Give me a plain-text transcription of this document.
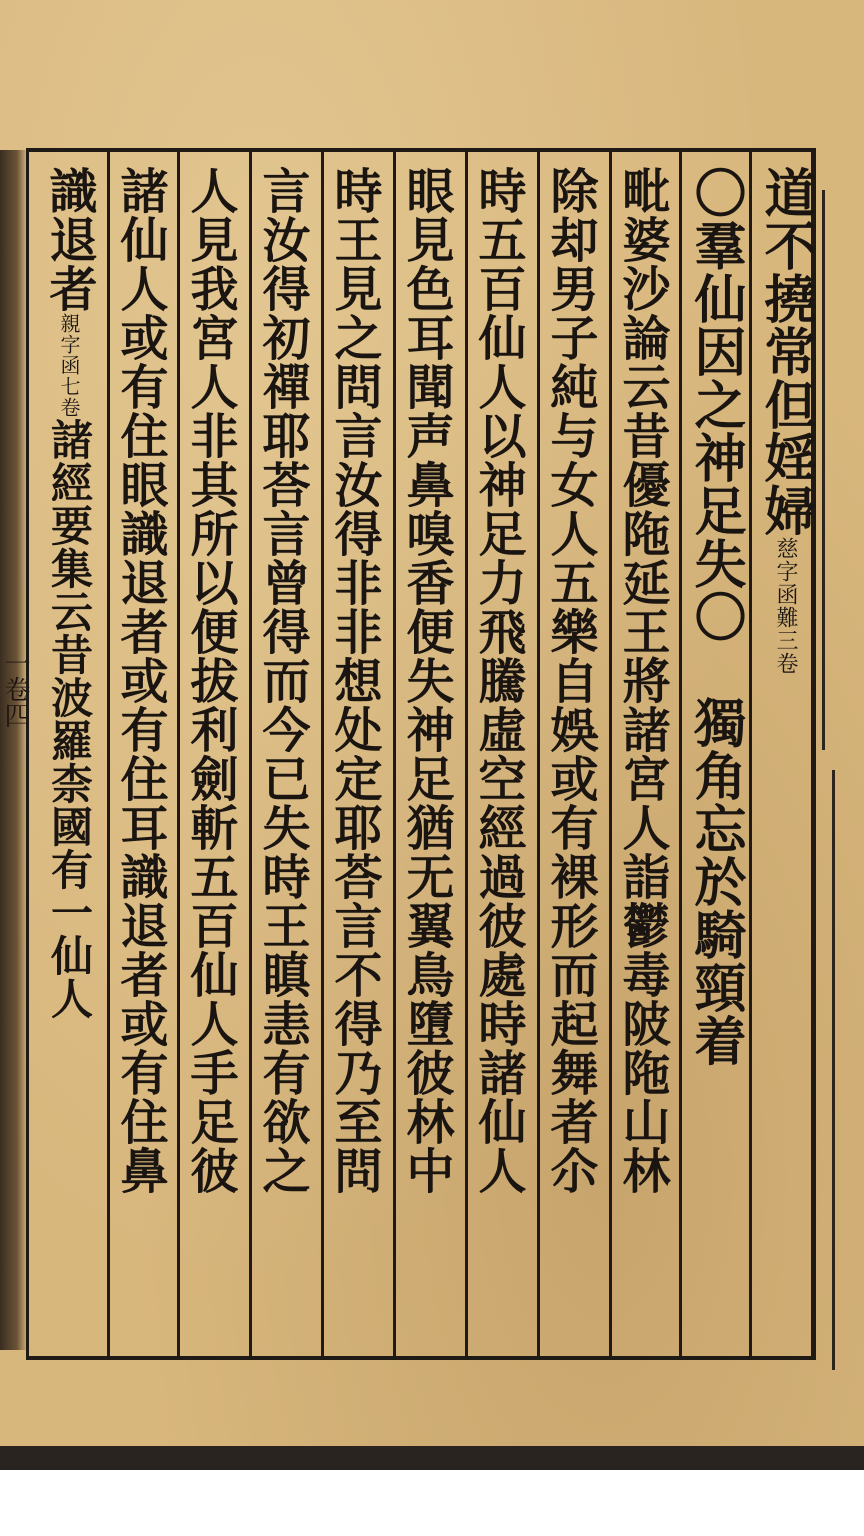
一卷四
道不撓常但婬婦慈字函難三卷
〇羣仙因之神足失〇　獨角忘於騎頸着
毗婆沙論云昔優陁延王將諸宮人詣鬱毒陂陁山林
除却男子純与女人五樂自娛或有裸形而起舞者尒
時五百仙人以神足力飛騰虛空經過彼處時諸仙人
眼見色耳聞声鼻嗅香便失神足猶无翼鳥墮彼林中
時王見之問言汝得非非想处定耶荅言不得乃至問
言汝得初禪耶荅言曾得而今已失時王瞋恚有欲之
人見我宮人非其所以便拔利劍斬五百仙人手足彼
諸仙人或有住眼識退者或有住耳識退者或有住鼻
識退者親字函七卷諸經要集云昔波羅柰國有一仙人
